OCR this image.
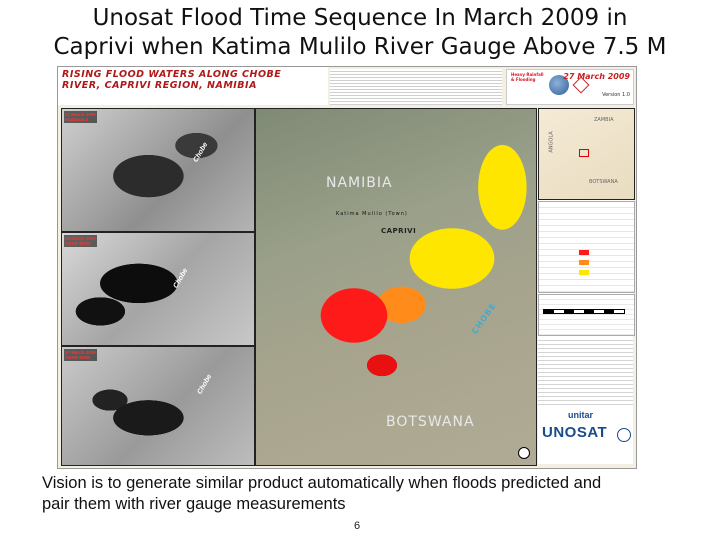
Unosat Flood Time Sequence In March 2009 in
Caprivi when Katima Mulilo River Gauge Above 7.5 M
RISING FLOOD WATERS ALONG CHOBE
RIVER, CAPRIVI REGION, NAMIBIA
Heavy Rainfall
& Flooding	27 March 2009
Version 1.0
22 March 2009
Radarsat-2
Chobe
09 March 2009
ASAR WSM
Chobe
17 March 2009
ASAR WSM
Chobe
NAMIBIA
Katima Mulilo (Town)
CAPRIVI
CHOBE
BOTSWANA
ZAMBIA
ANGOLA
BOTSWANA
unitar
UNOSAT
Vision is to generate similar product automatically when floods predicted and
pair them with river gauge measurements
6
